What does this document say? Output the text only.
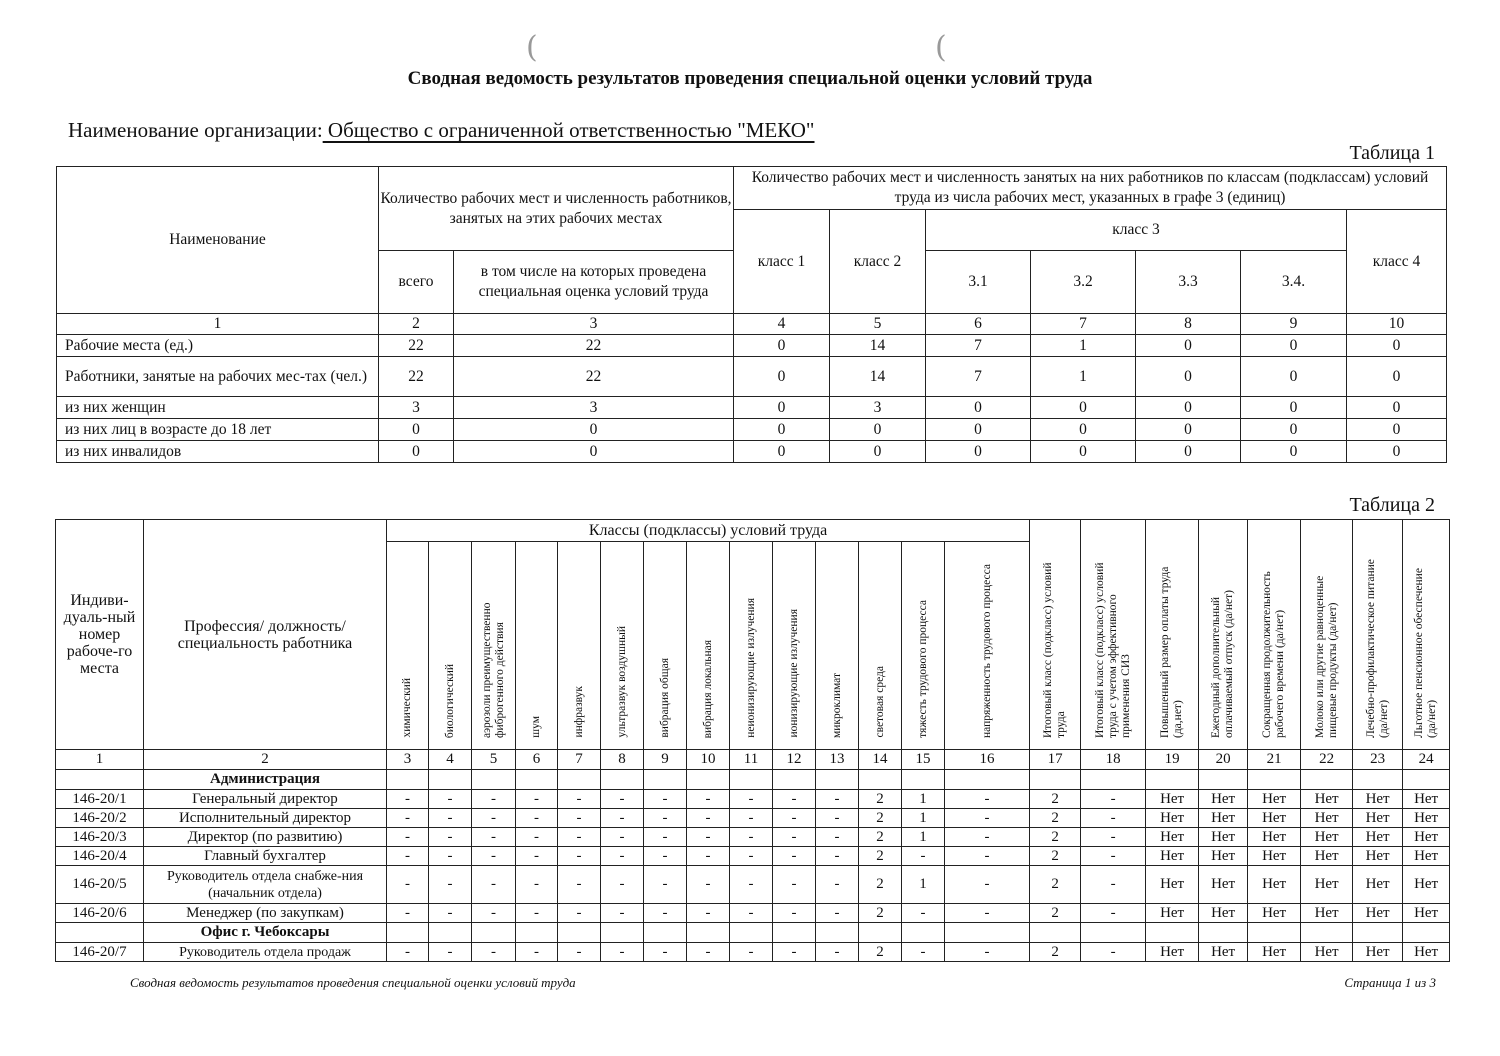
(	(
Сводная ведомость результатов проведения специальной оценки условий труда
Наименование организации: Общество с ограниченной ответственностью "МЕКО"
Таблица 1
Наименование	Количество рабочих мест и численность работников, занятых на этих рабочих местах		Количество рабочих мест и численность занятых на них работников по классам (подклассам) условий труда из числа рабочих мест, указанных в графе 3 (единиц)						
			класс 1	класс 2	класс 3				класс 4
	всего	в том числе на которых проведена специальная оценка условий труда			3.1	3.2	3.3	3.4.	
1	2	3	4	5	6	7	8	9	10
Рабочие места (ед.)	22	22	0	14	7	1	0	0	0
Работники, занятые на рабочих мес-тах (чел.)	22	22	0	14	7	1	0	0	0
из них женщин	3	3	0	3	0	0	0	0	0
из них лиц в возрасте до 18 лет	0	0	0	0	0	0	0	0	0
из них инвалидов	0	0	0	0	0	0	0	0	0
Таблица 2
Индиви-дуаль-ный номер рабоче-го места	Профессия/ должность/ специальность работника	Классы (подклассы) условий труда														Итоговый класс (подкласс) условий труда	Итоговый класс (подкласс) условий труда с учетом эффективного применения СИЗ	Повышенный размер оплаты труда (да,нет)	Ежегодный дополнительный оплачиваемый отпуск (да/нет)	Сокращенная продолжительность рабочего времени (да/нет)	Молоко или другие равноценные пищевые продукты (да/нет)	Лечебно-профилактическое питание (да/нет)	Льготное пенсионное обеспечение (да/нет)
		химический	биологический	аэрозоли преимущественно фиброгенного действия	шум	инфразвук	ультразвук воздушный	вибрация общая	вибрация локальная	неионизирующие излучения	ионизирующие излучения	микроклимат	световая среда	тяжесть трудового процесса	напряженность трудового процесса								
1	2	3	4	5	6	7	8	9	10	11	12	13	14	15	16	17	18	19	20	21	22	23	24
	Администрация																						
146-20/1	Генеральный директор	-	-	-	-	-	-	-	-	-	-	-	2	1	-	2	-	Нет	Нет	Нет	Нет	Нет	Нет
146-20/2	Исполнительный директор	-	-	-	-	-	-	-	-	-	-	-	2	1	-	2	-	Нет	Нет	Нет	Нет	Нет	Нет
146-20/3	Директор (по развитию)	-	-	-	-	-	-	-	-	-	-	-	2	1	-	2	-	Нет	Нет	Нет	Нет	Нет	Нет
146-20/4	Главный бухгалтер	-	-	-	-	-	-	-	-	-	-	-	2	-	-	2	-	Нет	Нет	Нет	Нет	Нет	Нет
146-20/5	Руководитель отдела снабже-ния (начальник отдела)	-	-	-	-	-	-	-	-	-	-	-	2	1	-	2	-	Нет	Нет	Нет	Нет	Нет	Нет
146-20/6	Менеджер (по закупкам)	-	-	-	-	-	-	-	-	-	-	-	2	-	-	2	-	Нет	Нет	Нет	Нет	Нет	Нет
	Офис г. Чебоксары																						
146-20/7	Руководитель отдела продаж	-	-	-	-	-	-	-	-	-	-	-	2	-	-	2	-	Нет	Нет	Нет	Нет	Нет	Нет
Сводная ведомость результатов проведения специальной оценки условий труда	Страница 1 из 3
